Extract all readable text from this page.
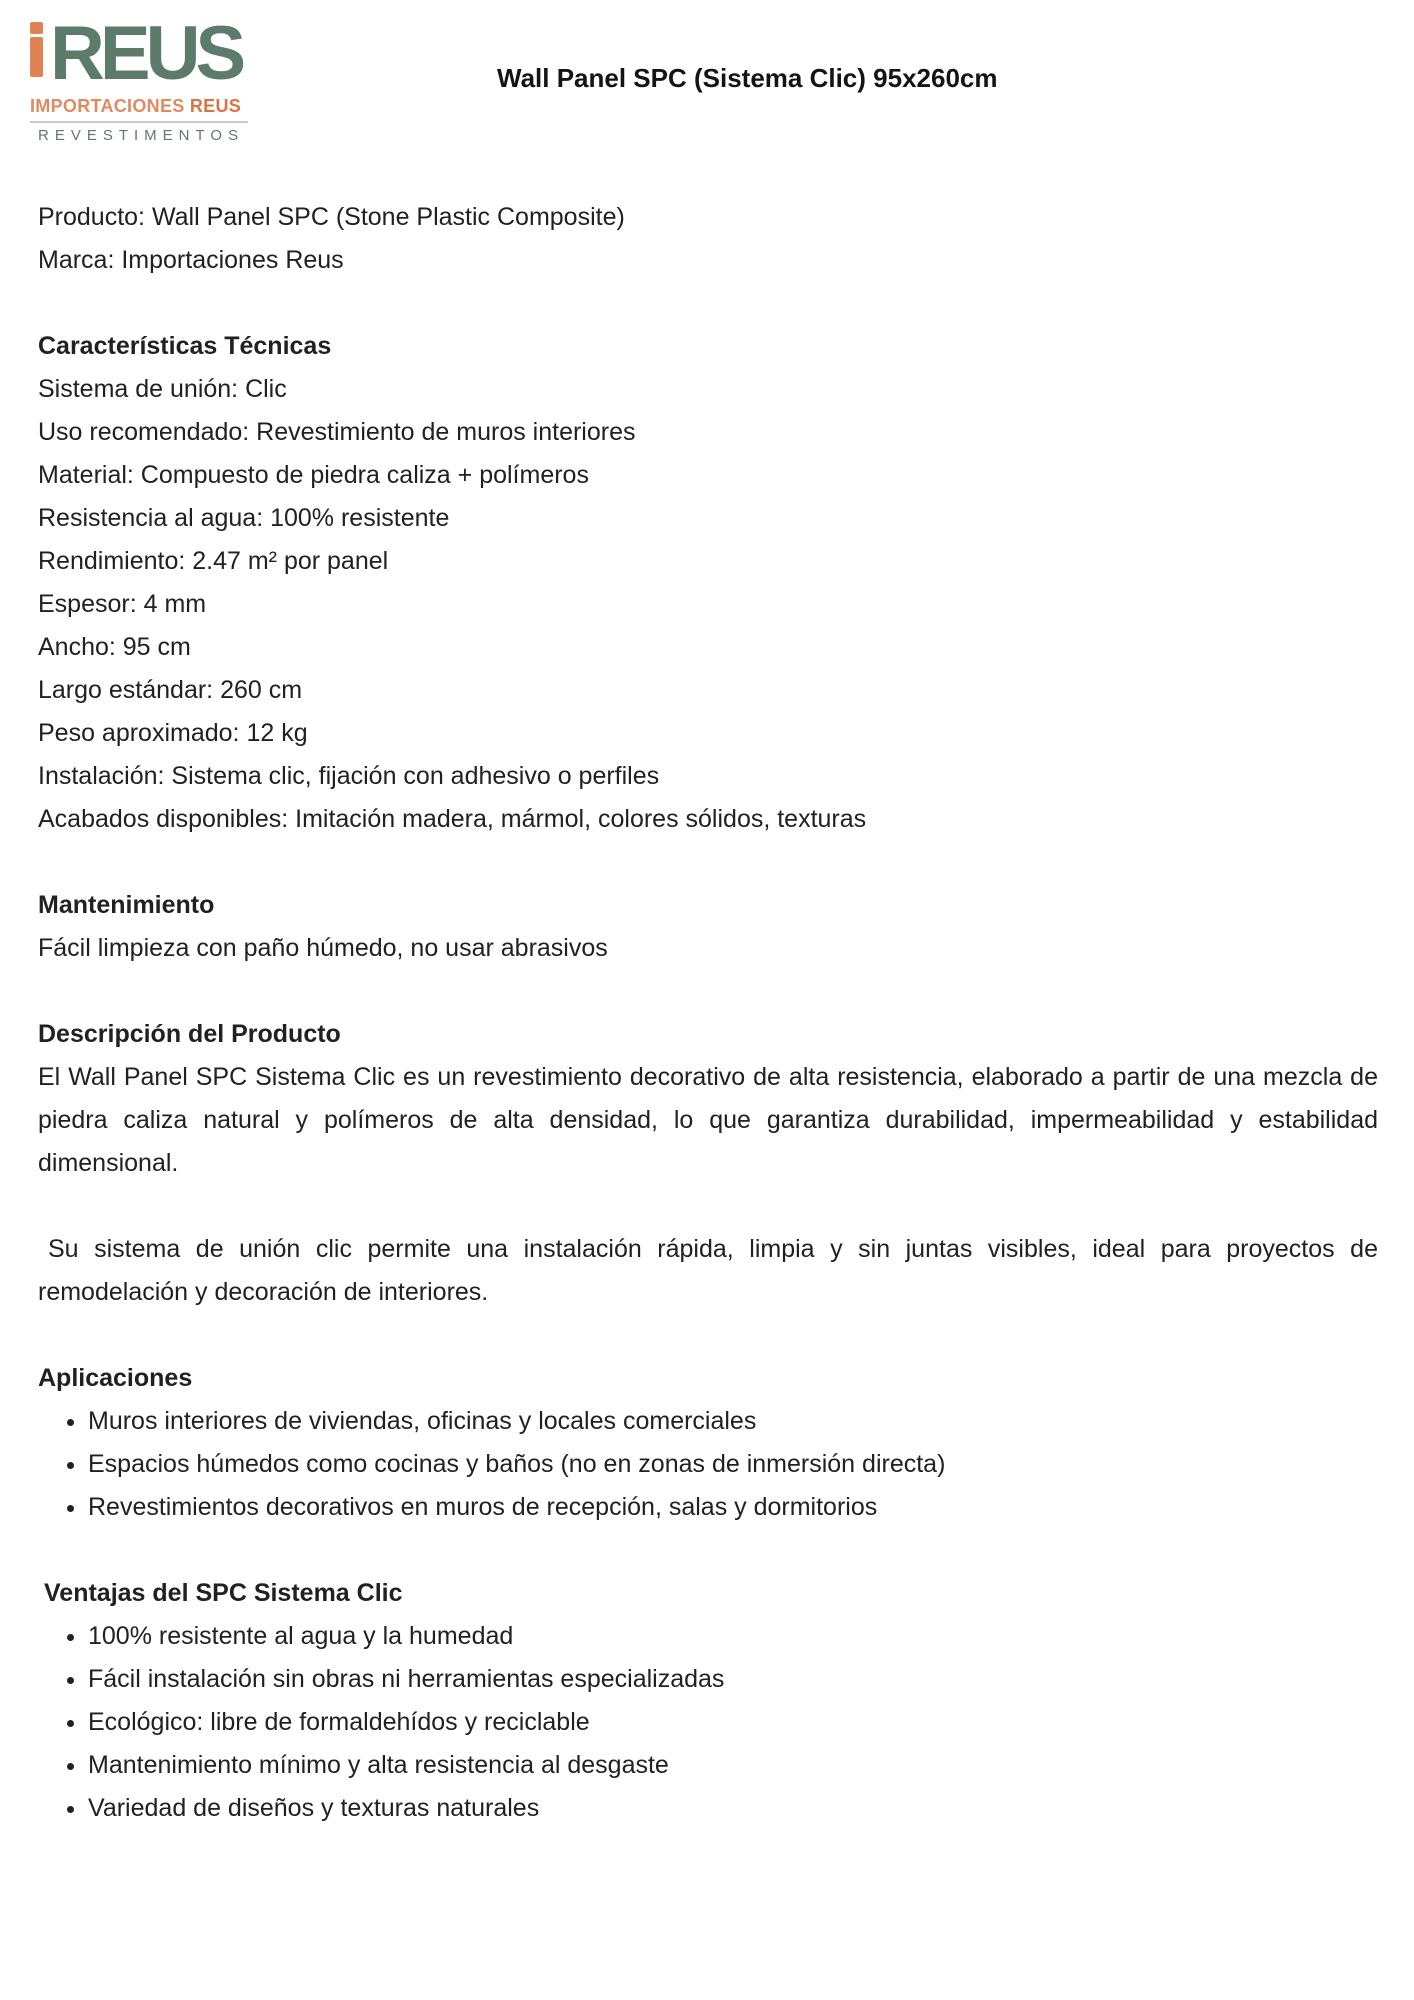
REUS
IMPORTACIONES REUS
REVESTIMENTOS
Wall Panel SPC (Sistema Clic) 95x260cm
Producto: Wall Panel SPC (Stone Plastic Composite)
Marca: Importaciones Reus
Características Técnicas
Sistema de unión: Clic
Uso recomendado: Revestimiento de muros interiores
Material: Compuesto de piedra caliza + polímeros
Resistencia al agua: 100% resistente
Rendimiento: 2.47 m² por panel
Espesor: 4 mm
Ancho: 95 cm
Largo estándar: 260 cm
Peso aproximado: 12 kg
Instalación: Sistema clic, fijación con adhesivo o perfiles
Acabados disponibles: Imitación madera, mármol, colores sólidos, texturas
Mantenimiento
Fácil limpieza con paño húmedo, no usar abrasivos
Descripción del Producto
El Wall Panel SPC Sistema Clic es un revestimiento decorativo de alta resistencia, elaborado a partir de una mezcla de piedra caliza natural y polímeros de alta densidad, lo que garantiza durabilidad, impermeabilidad y estabilidad dimensional.
Su sistema de unión clic permite una instalación rápida, limpia y sin juntas visibles, ideal para proyectos de remodelación y decoración de interiores.
Aplicaciones
• Muros interiores de viviendas, oficinas y locales comerciales
• Espacios húmedos como cocinas y baños (no en zonas de inmersión directa)
• Revestimientos decorativos en muros de recepción, salas y dormitorios
Ventajas del SPC Sistema Clic
• 100% resistente al agua y la humedad
• Fácil instalación sin obras ni herramientas especializadas
• Ecológico: libre de formaldehídos y reciclable
• Mantenimiento mínimo y alta resistencia al desgaste
• Variedad de diseños y texturas naturales
